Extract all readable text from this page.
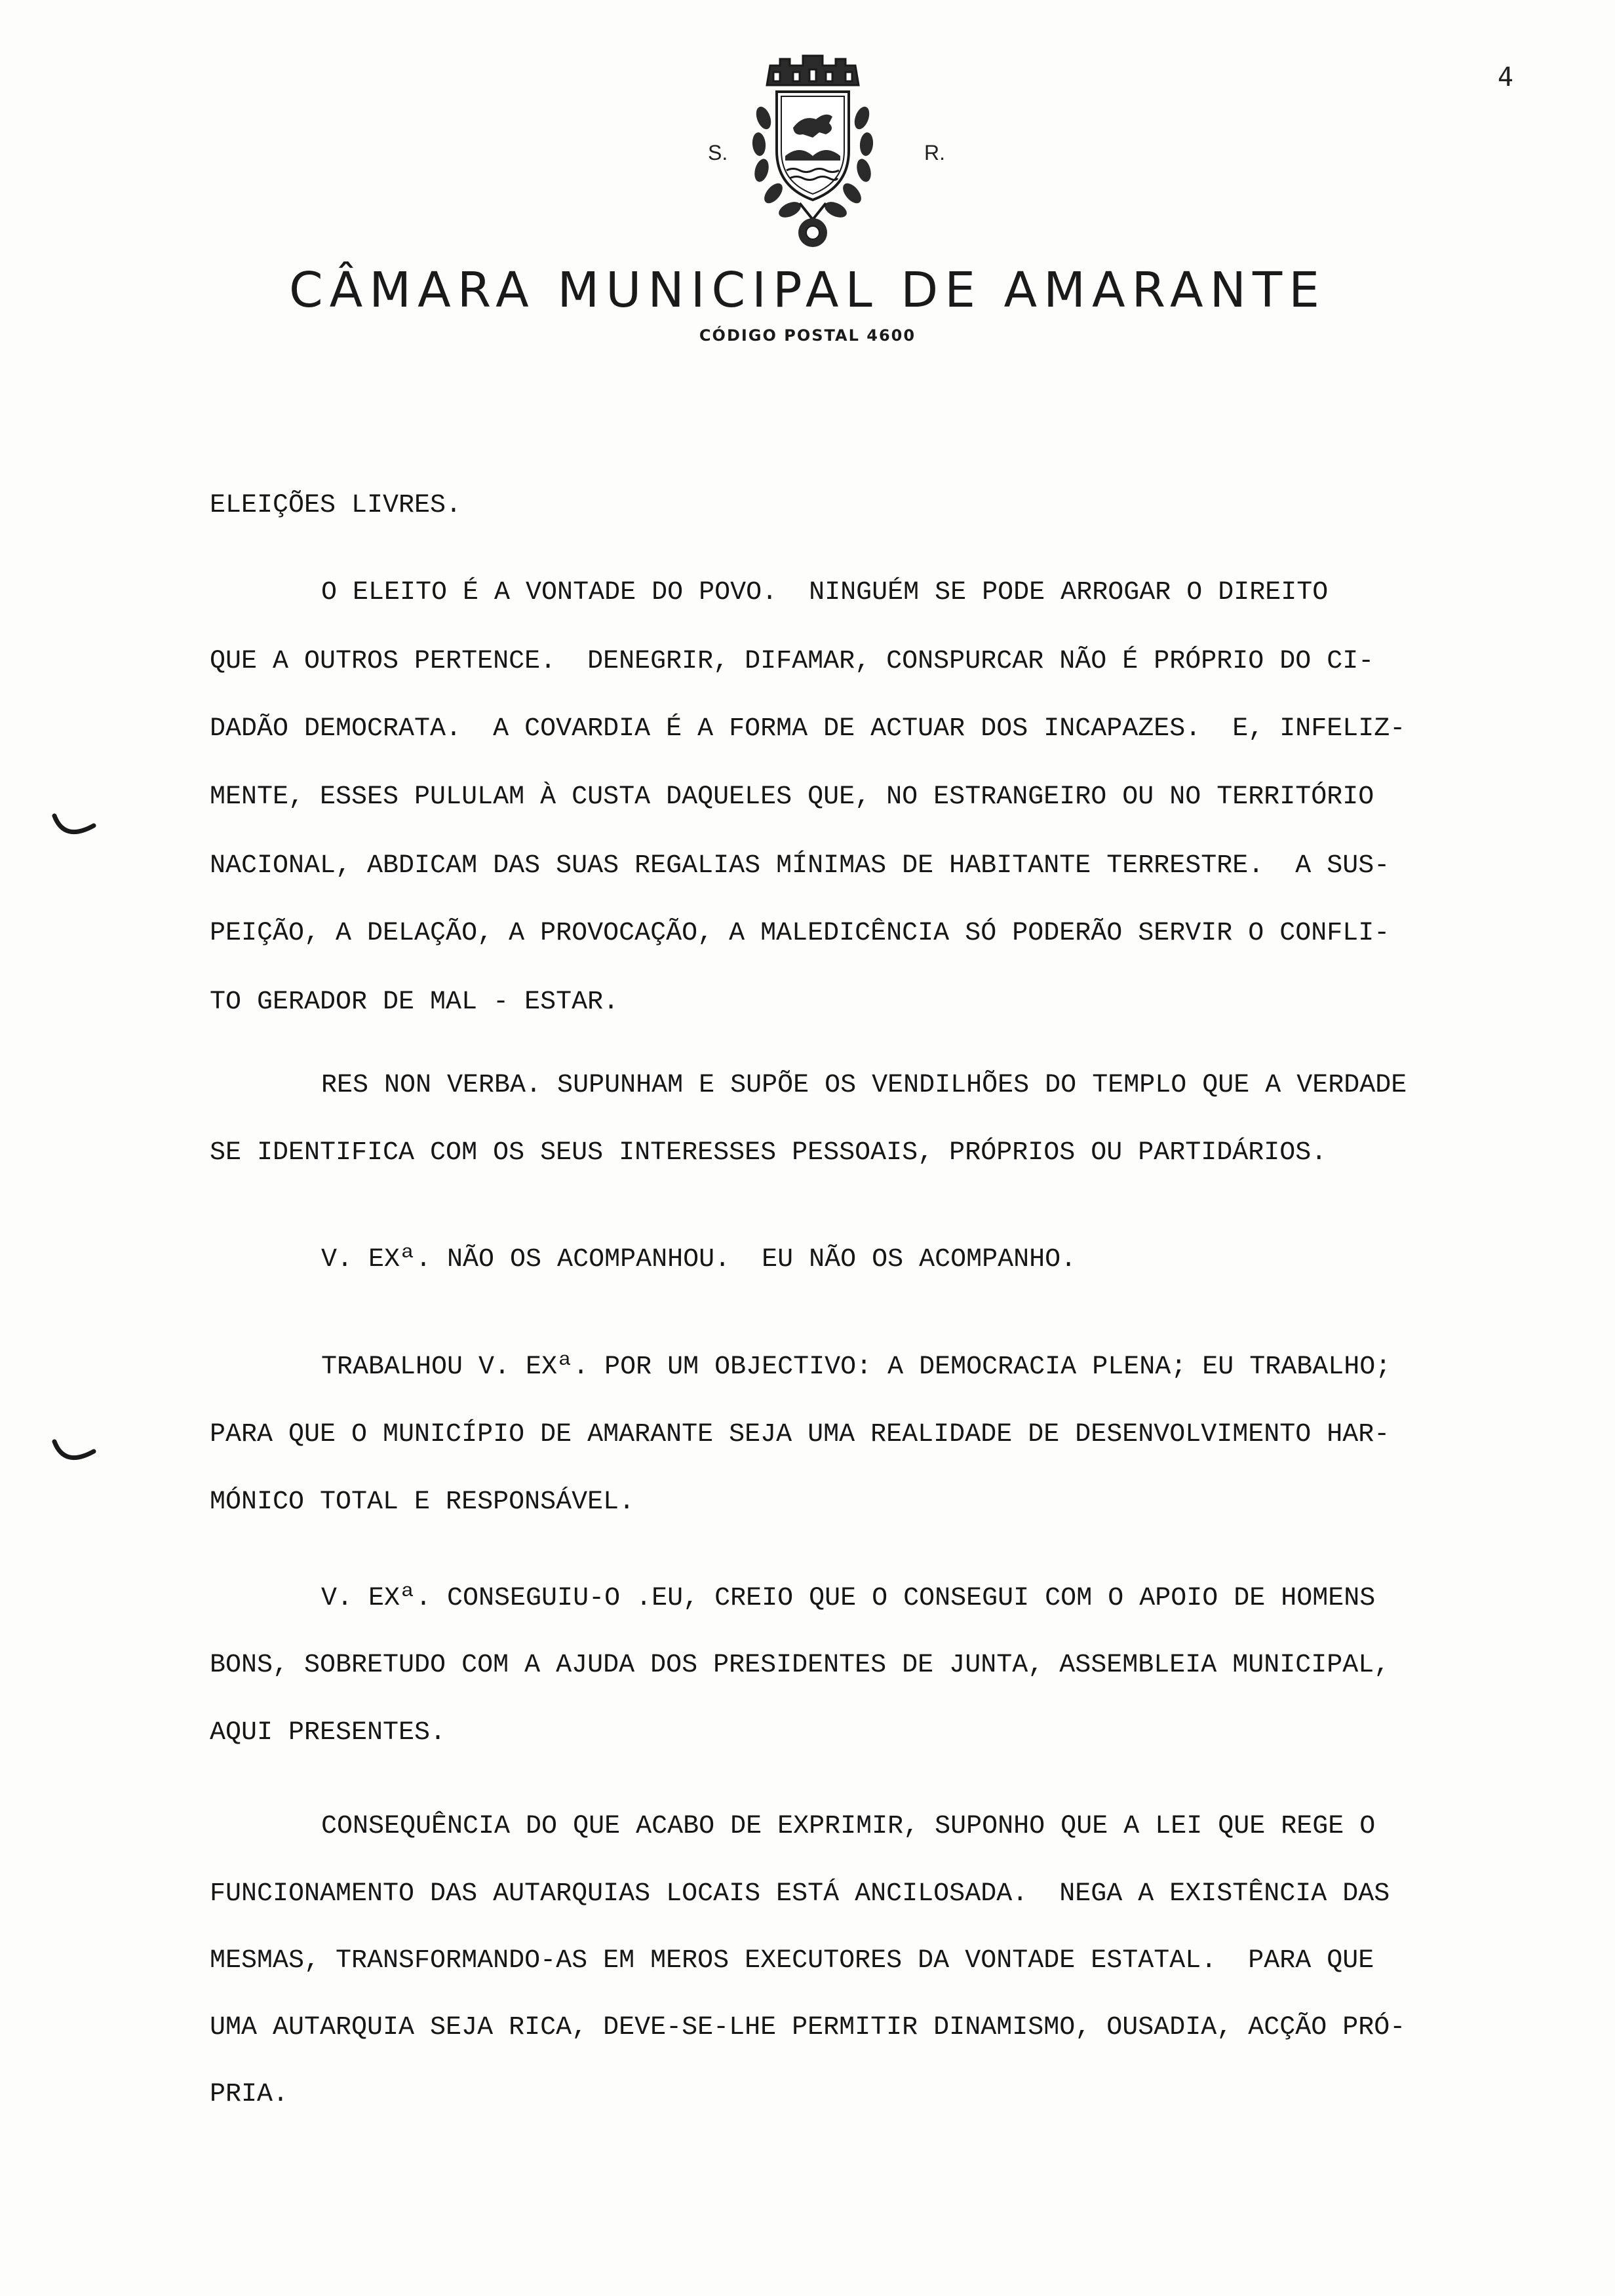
4
S.	R.
CÂMARA MUNICIPAL DE AMARANTE
CÓDIGO POSTAL 4600
ELEIÇÕES LIVRES.
O ELEITO É A VONTADE DO POVO.  NINGUÉM SE PODE ARROGAR O DIREITO
QUE A OUTROS PERTENCE.  DENEGRIR, DIFAMAR, CONSPURCAR NÃO É PRÓPRIO DO CI-
DADÃO DEMOCRATA.  A COVARDIA É A FORMA DE ACTUAR DOS INCAPAZES.  E, INFELIZ-
MENTE, ESSES PULULAM À CUSTA DAQUELES QUE, NO ESTRANGEIRO OU NO TERRITÓRIO
NACIONAL, ABDICAM DAS SUAS REGALIAS MÍNIMAS DE HABITANTE TERRESTRE.  A SUS-
PEIÇÃO, A DELAÇÃO, A PROVOCAÇÃO, A MALEDICÊNCIA SÓ PODERÃO SERVIR O CONFLI-
TO GERADOR DE MAL - ESTAR.
RES NON VERBA. SUPUNHAM E SUPÕE OS VENDILHÕES DO TEMPLO QUE A VERDADE
SE IDENTIFICA COM OS SEUS INTERESSES PESSOAIS, PRÓPRIOS OU PARTIDÁRIOS.
V. EXª. NÃO OS ACOMPANHOU.  EU NÃO OS ACOMPANHO.
TRABALHOU V. EXª. POR UM OBJECTIVO: A DEMOCRACIA PLENA; EU TRABALHO;
PARA QUE O MUNICÍPIO DE AMARANTE SEJA UMA REALIDADE DE DESENVOLVIMENTO HAR-
MÓNICO TOTAL E RESPONSÁVEL.
V. EXª. CONSEGUIU-O .EU, CREIO QUE O CONSEGUI COM O APOIO DE HOMENS
BONS, SOBRETUDO COM A AJUDA DOS PRESIDENTES DE JUNTA, ASSEMBLEIA MUNICIPAL,
AQUI PRESENTES.
CONSEQUÊNCIA DO QUE ACABO DE EXPRIMIR, SUPONHO QUE A LEI QUE REGE O
FUNCIONAMENTO DAS AUTARQUIAS LOCAIS ESTÁ ANCILOSADA.  NEGA A EXISTÊNCIA DAS
MESMAS, TRANSFORMANDO-AS EM MEROS EXECUTORES DA VONTADE ESTATAL.  PARA QUE
UMA AUTARQUIA SEJA RICA, DEVE-SE-LHE PERMITIR DINAMISMO, OUSADIA, ACÇÃO PRÓ-
PRIA.
